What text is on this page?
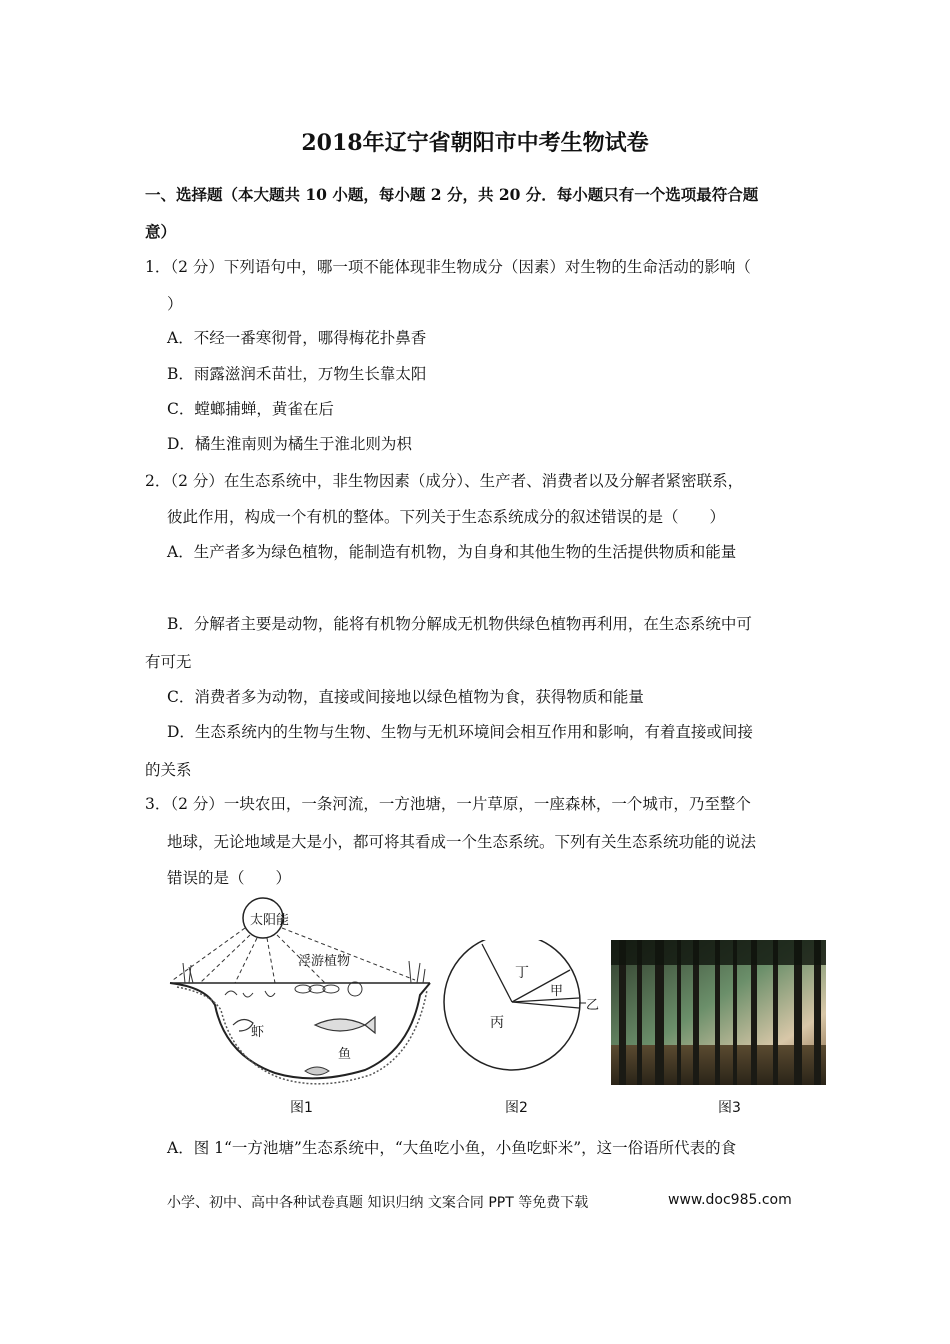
2018年辽宁省朝阳市中考生物试卷
一、选择题（本大题共 10 小题，每小题 2 分，共 20 分．每小题只有一个选项最符合题
意）
1．（2 分）下列语句中，哪一项不能体现非生物成分（因素）对生物的生命活动的影响（
）
A．不经一番寒彻骨，哪得梅花扑鼻香
B．雨露滋润禾苗壮，万物生长靠太阳
C．螳螂捕蝉，黄雀在后
D．橘生淮南则为橘生于淮北则为枳
2．（2 分）在生态系统中，非生物因素（成分）、生产者、消费者以及分解者紧密联系，
彼此作用，构成一个有机的整体。下列关于生态系统成分的叙述错误的是（　　）
A．生产者多为绿色植物，能制造有机物，为自身和其他生物的生活提供物质和能量
B．分解者主要是动物，能将有机物分解成无机物供绿色植物再利用，在生态系统中可
有可无
C．消费者多为动物，直接或间接地以绿色植物为食，获得物质和能量
D．生态系统内的生物与生物、生物与无机环境间会相互作用和影响，有着直接或间接
的关系
3．（2 分）一块农田，一条河流，一方池塘，一片草原，一座森林，一个城市，乃至整个
地球，无论地域是大是小，都可将其看成一个生态系统。下列有关生态系统功能的说法
错误的是（　　）
太阳能
浮游植物
虾
鱼
图1
丁
甲
乙
丙
图2	图3
A．图 1“一方池塘”生态系统中，“大鱼吃小鱼，小鱼吃虾米”，这一俗语所代表的食
小学、初中、高中各种试卷真题 知识归纳 文案合同 PPT 等免费下载	www.doc985.com
